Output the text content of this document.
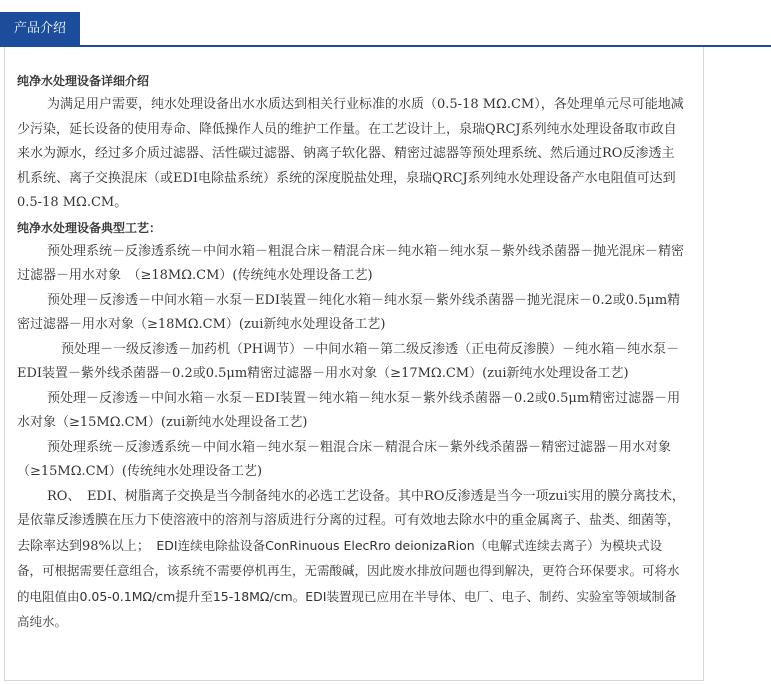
产品介绍

纯净水处理设备详细介绍

为满足用户需要，纯水处理设备出水水质达到相关行业标准的水质（0.5-18 MΩ.CM），各处理单元尽可能地减少污染，延长设备的使用寿命、降低操作人员的维护工作量。在工艺设计上，泉瑞QRCJ系列纯水处理设备取市政自来水为源水，经过多介质过滤器、活性碳过滤器、钠离子软化器、精密过滤器等预处理系统、然后通过RO反渗透主机系统、离子交换混床（或EDI电除盐系统）系统的深度脱盐处理，泉瑞QRCJ系列纯水处理设备产水电阻值可达到0.5-18 MΩ.CM。

纯净水处理设备典型工艺：

预处理系统－反渗透系统－中间水箱－粗混合床－精混合床－纯水箱－纯水泵－紫外线杀菌器－抛光混床－精密过滤器－用水对象　（≥18MΩ.CM）(传统纯水处理设备工艺)

预处理－反渗透－中间水箱－水泵－EDI装置－纯化水箱－纯水泵－紫外线杀菌器－抛光混床－0.2或0.5μm精密过滤器－用水对象（≥18MΩ.CM）(zui新纯水处理设备工艺)

预处理－一级反渗透－加药机（PH调节）－中间水箱－第二级反渗透（正电荷反渗膜）－纯水箱－纯水泵－EDI装置－紫外线杀菌器－0.2或0.5μm精密过滤器－用水对象（≥17MΩ.CM）(zui新纯水处理设备工艺)

预处理－反渗透－中间水箱－水泵－EDI装置－纯水箱－纯水泵－紫外线杀菌器－0.2或0.5μm精密过滤器－用水对象（≥15MΩ.CM）(zui新纯水处理设备工艺)

预处理系统－反渗透系统－中间水箱－纯水泵－粗混合床－精混合床－紫外线杀菌器－精密过滤器－用水对象　（≥15MΩ.CM）(传统纯水处理设备工艺)

RO、　EDI、树脂离子交换是当今制备纯水的必选工艺设备。其中RO反渗透是当今一项zui实用的膜分离技术，是依靠反渗透膜在压力下使溶液中的溶剂与溶质进行分离的过程。可有效地去除水中的重金属离子、盐类、细菌等，去除率达到98%以上；　EDI连续电除盐设备ConRinuous ElecRro deionizaRion（电解式连续去离子）为模块式设备，可根据需要任意组合，该系统不需要停机再生，无需酸碱，因此废水排放问题也得到解决，更符合环保要求。可将水的电阻值由0.05-0.1MΩ/cm提升至15-18MΩ/cm。EDI装置现已应用在半导体、电厂、电子、制药、实验室等领域制备高纯水。
